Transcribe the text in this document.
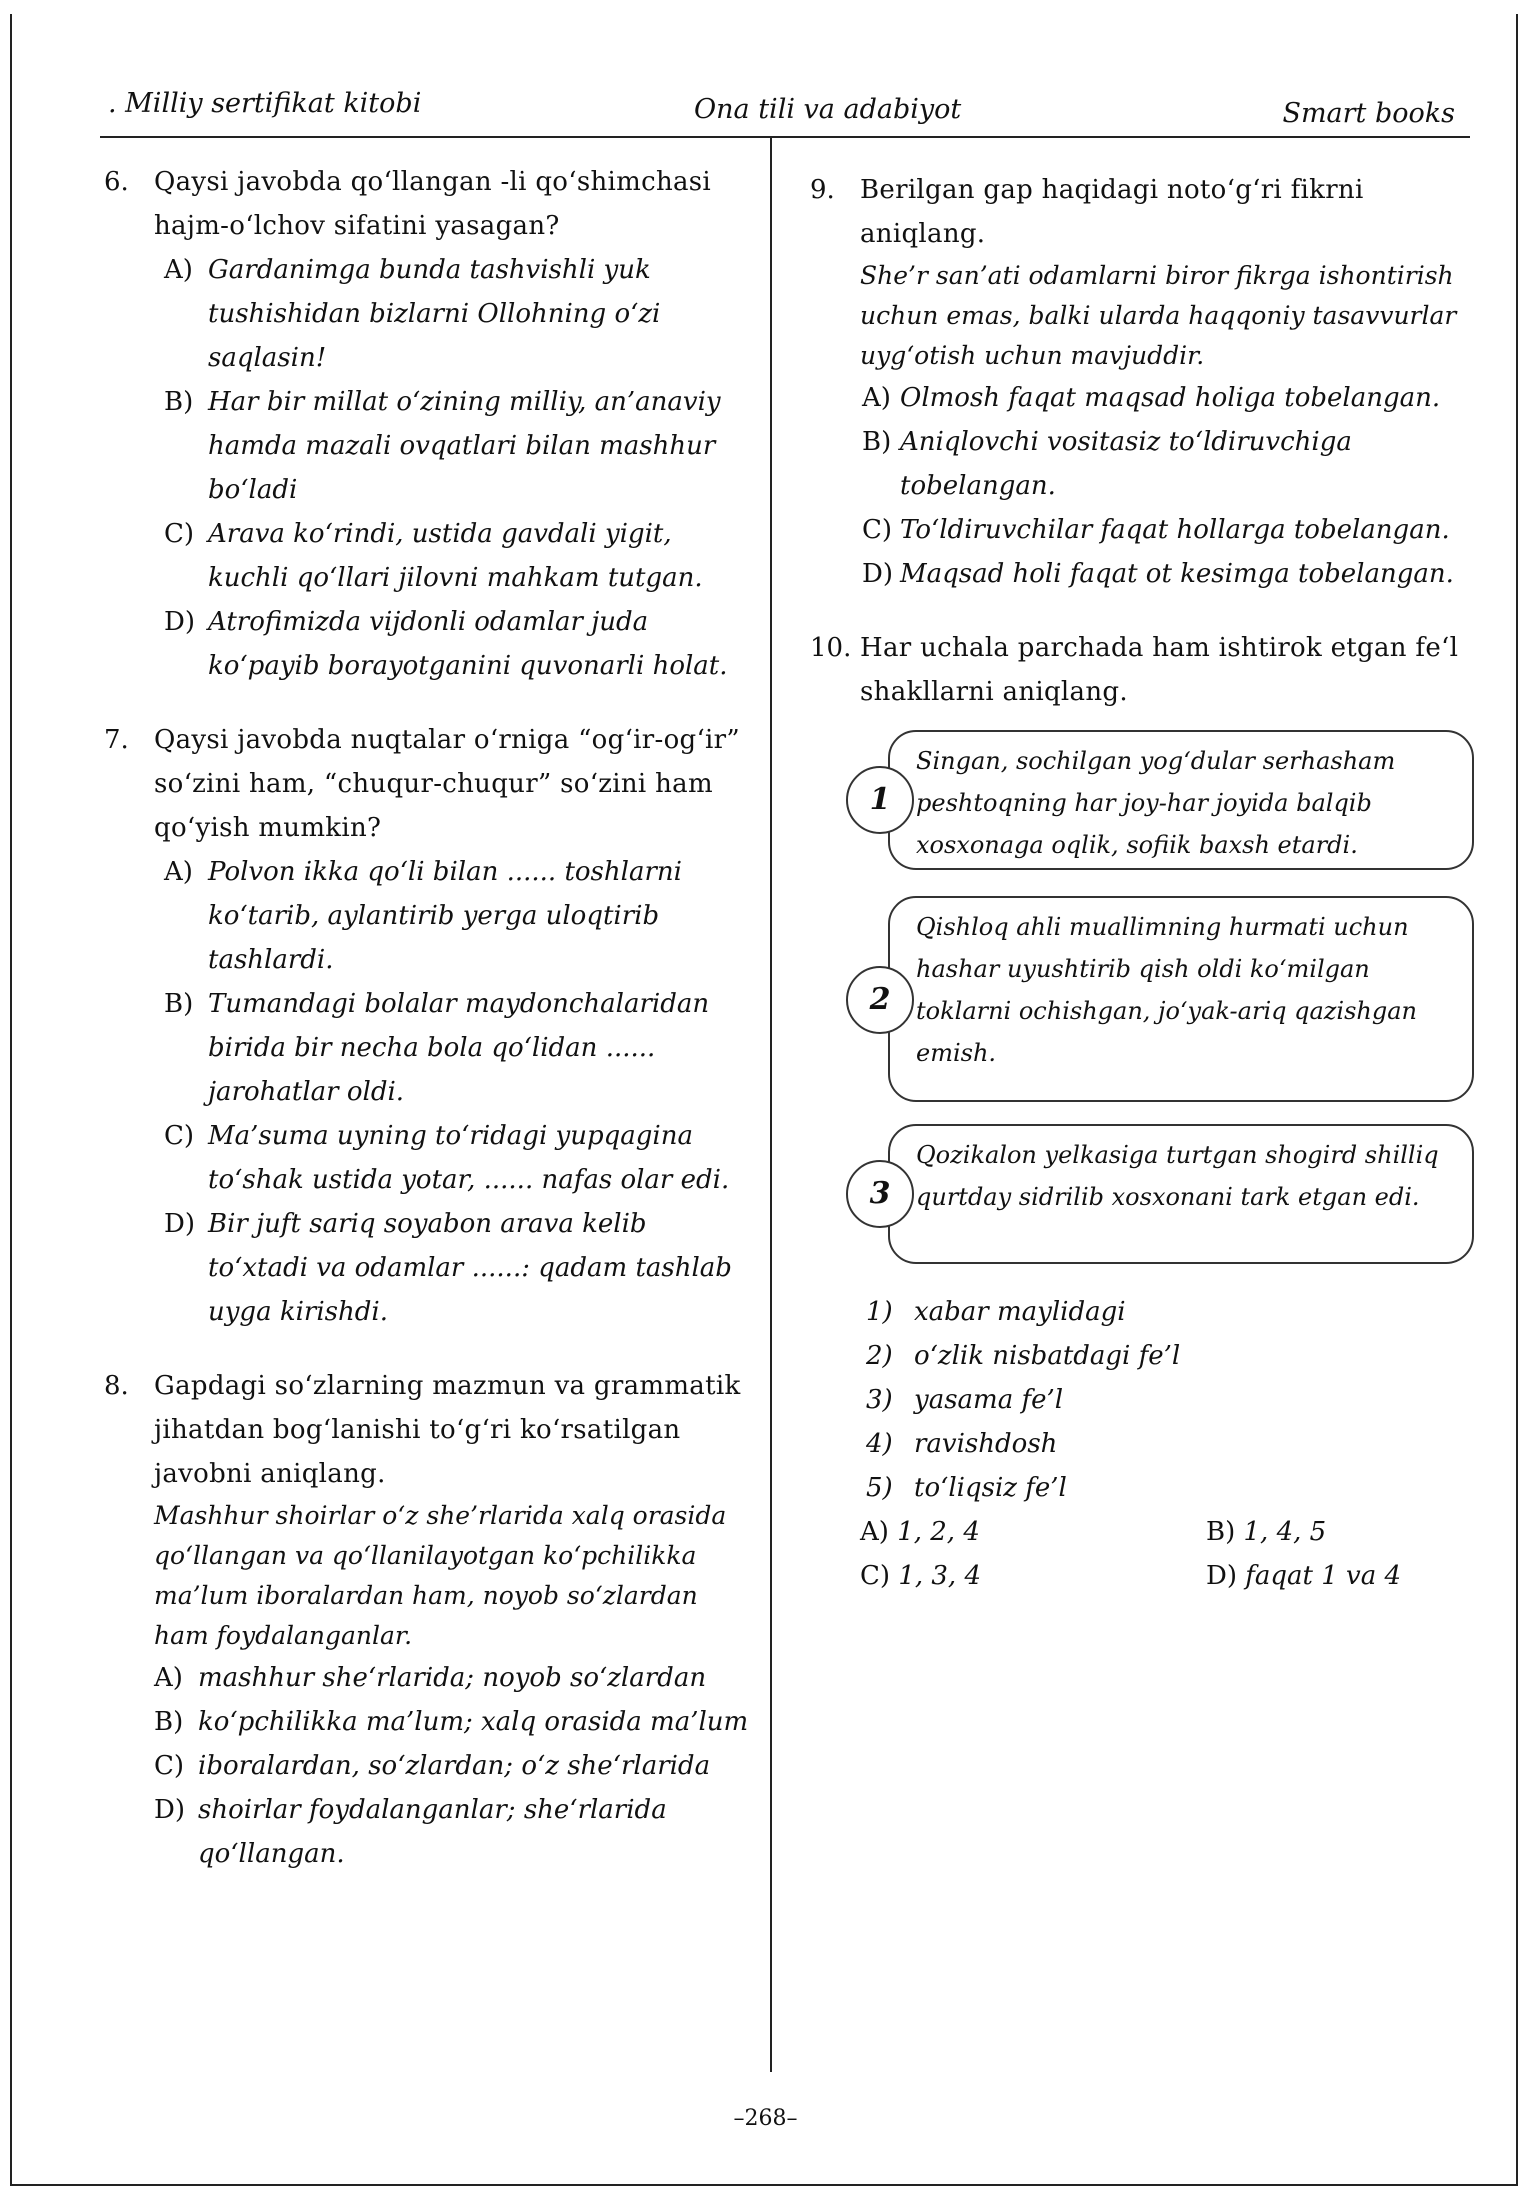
. Milliy sertifikat kitobi	Ona tili va adabiyot	Smart books
6. Qaysi javobda qo‘llangan -li qo‘shimchasi hajm-o‘lchov sifatini yasagan?
A) Gardanimga bunda tashvishli yuk tushishidan bizlarni Ollohning o‘zi saqlasin!
B) Har bir millat o‘zining milliy, an’anaviy hamda mazali ovqatlari bilan mashhur bo‘ladi
C) Arava ko‘rindi, ustida gavdali yigit, kuchli qo‘llari jilovni mahkam tutgan.
D) Atrofimizda vijdonli odamlar juda ko‘payib borayotganini quvonarli holat.
7. Qaysi javobda nuqtalar o‘rniga “og‘ir-og‘ir” so‘zini ham, “chuqur-chuqur” so‘zini ham qo‘yish mumkin?
A) Polvon ikka qo‘li bilan ...... toshlarni ko‘tarib, aylantirib yerga uloqtirib tashlardi.
B) Tumandagi bolalar maydonchalaridan birida bir necha bola qo‘lidan ...... jarohatlar oldi.
C) Ma’suma uyning to‘ridagi yupqagina to‘shak ustida yotar, ...... nafas olar edi.
D) Bir juft sariq soyabon arava kelib to‘xtadi va odamlar ......: qadam tashlab uyga kirishdi.
8. Gapdagi so‘zlarning mazmun va grammatik jihatdan bog‘lanishi to‘g‘ri ko‘rsatilgan javobni aniqlang.
Mashhur shoirlar o‘z she’rlarida xalq orasida qo‘llangan va qo‘llanilayotgan ko‘pchilikka ma’lum iboralardan ham, noyob so‘zlardan ham foydalanganlar.
A) mashhur she‘rlarida; noyob so‘zlardan
B) ko‘pchilikka ma’lum; xalq orasida ma’lum
C) iboralardan, so‘zlardan; o‘z she‘rlarida
D) shoirlar foydalanganlar; she‘rlarida qo‘llangan.
9. Berilgan gap haqidagi noto‘g‘ri fikrni aniqlang.
She’r san’ati odamlarni biror fikrga ishontirish uchun emas, balki ularda haqqoniy tasavvurlar uyg‘otish uchun mavjuddir.
A) Olmosh faqat maqsad holiga tobelangan.
B) Aniqlovchi vositasiz to‘ldiruvchiga tobelangan.
C) To‘ldiruvchilar faqat hollarga tobelangan.
D) Maqsad holi faqat ot kesimga tobelangan.
10. Har uchala parchada ham ishtirok etgan fe‘l shakllarni aniqlang.
Singan, sochilgan yog‘dular serhasham peshtoqning har joy-har joyida balqib xosxonaga oqlik, sofiik baxsh etardi.
1
Qishloq ahli muallimning hurmati uchun hashar uyushtirib qish oldi ko‘milgan toklarni ochishgan, jo‘yak-ariq qazishgan emish.
2
Qozikalon yelkasiga turtgan shogird shilliq qurtday sidrilib xosxonani tark etgan edi.
3
1) xabar maylidagi
2) o‘zlik nisbatdagi fe’l
3) yasama fe’l
4) ravishdosh
5) to‘liqsiz fe’l
A) 1, 2, 4	B) 1, 4, 5
C) 1, 3, 4	D) faqat 1 va 4
–268–
